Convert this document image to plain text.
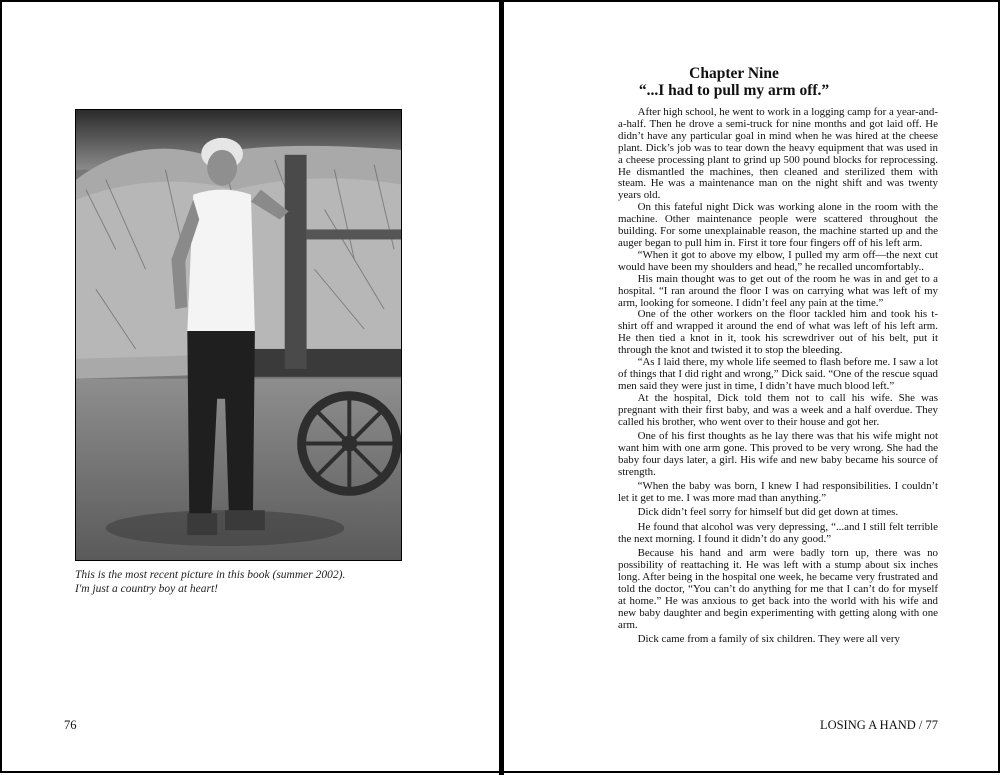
This is the most recent picture in this book (summer 2002).
I'm just a country boy at heart!
76
Chapter Nine
“...I had to pull my arm off.”

After high school, he went to work in a logging camp for a year-and-a-half. Then he drove a semi-truck for nine months and got laid off. He didn’t have any particular goal in mind when he was hired at the cheese plant. Dick’s job was to tear down the heavy equipment that was used in a cheese processing plant to grind up 500 pound blocks for reprocessing. He dismantled the machines, then cleaned and sterilized them with steam. He was a maintenance man on the night shift and was twenty years old.

On this fateful night Dick was working alone in the room with the machine. Other maintenance people were scattered throughout the building. For some unexplainable reason, the machine started up and the auger began to pull him in. First it tore four fingers off of his left arm.

“When it got to above my elbow, I pulled my arm off—the next cut would have been my shoulders and head,” he recalled uncomfortably..

His main thought was to get out of the room he was in and get to a hospital. “I ran around the floor I was on carrying what was left of my arm, looking for someone. I didn’t feel any pain at the time.”

One of the other workers on the floor tackled him and took his t-shirt off and wrapped it around the end of what was left of his left arm. He then tied a knot in it, took his screwdriver out of his belt, put it through the knot and twisted it to stop the bleeding.

“As I laid there, my whole life seemed to flash before me. I saw a lot of things that I did right and wrong,” Dick said. “One of the rescue squad men said they were just in time, I didn’t have much blood left.”

At the hospital, Dick told them not to call his wife. She was pregnant with their first baby, and was a week and a half overdue. They called his brother, who went over to their house and got her.

One of his first thoughts as he lay there was that his wife might not want him with one arm gone. This proved to be very wrong. She had the baby four days later, a girl. His wife and new baby became his source of strength.

“When the baby was born, I knew I had responsibilities. I couldn’t let it get to me. I was more mad than anything.”

Dick didn’t feel sorry for himself but did get down at times.

He found that alcohol was very depressing, “...and I still felt terrible the next morning. I found it didn’t do any good.”

Because his hand and arm were badly torn up, there was no possibility of reattaching it. He was left with a stump about six inches long. After being in the hospital one week, he became very frustrated and told the doctor, “You can’t do anything for me that I can’t do for myself at home.” He was anxious to get back into the world with his wife and new baby daughter and begin experimenting with getting along with one arm.

Dick came from a family of six children. They were all very

LOSING A HAND / 77
